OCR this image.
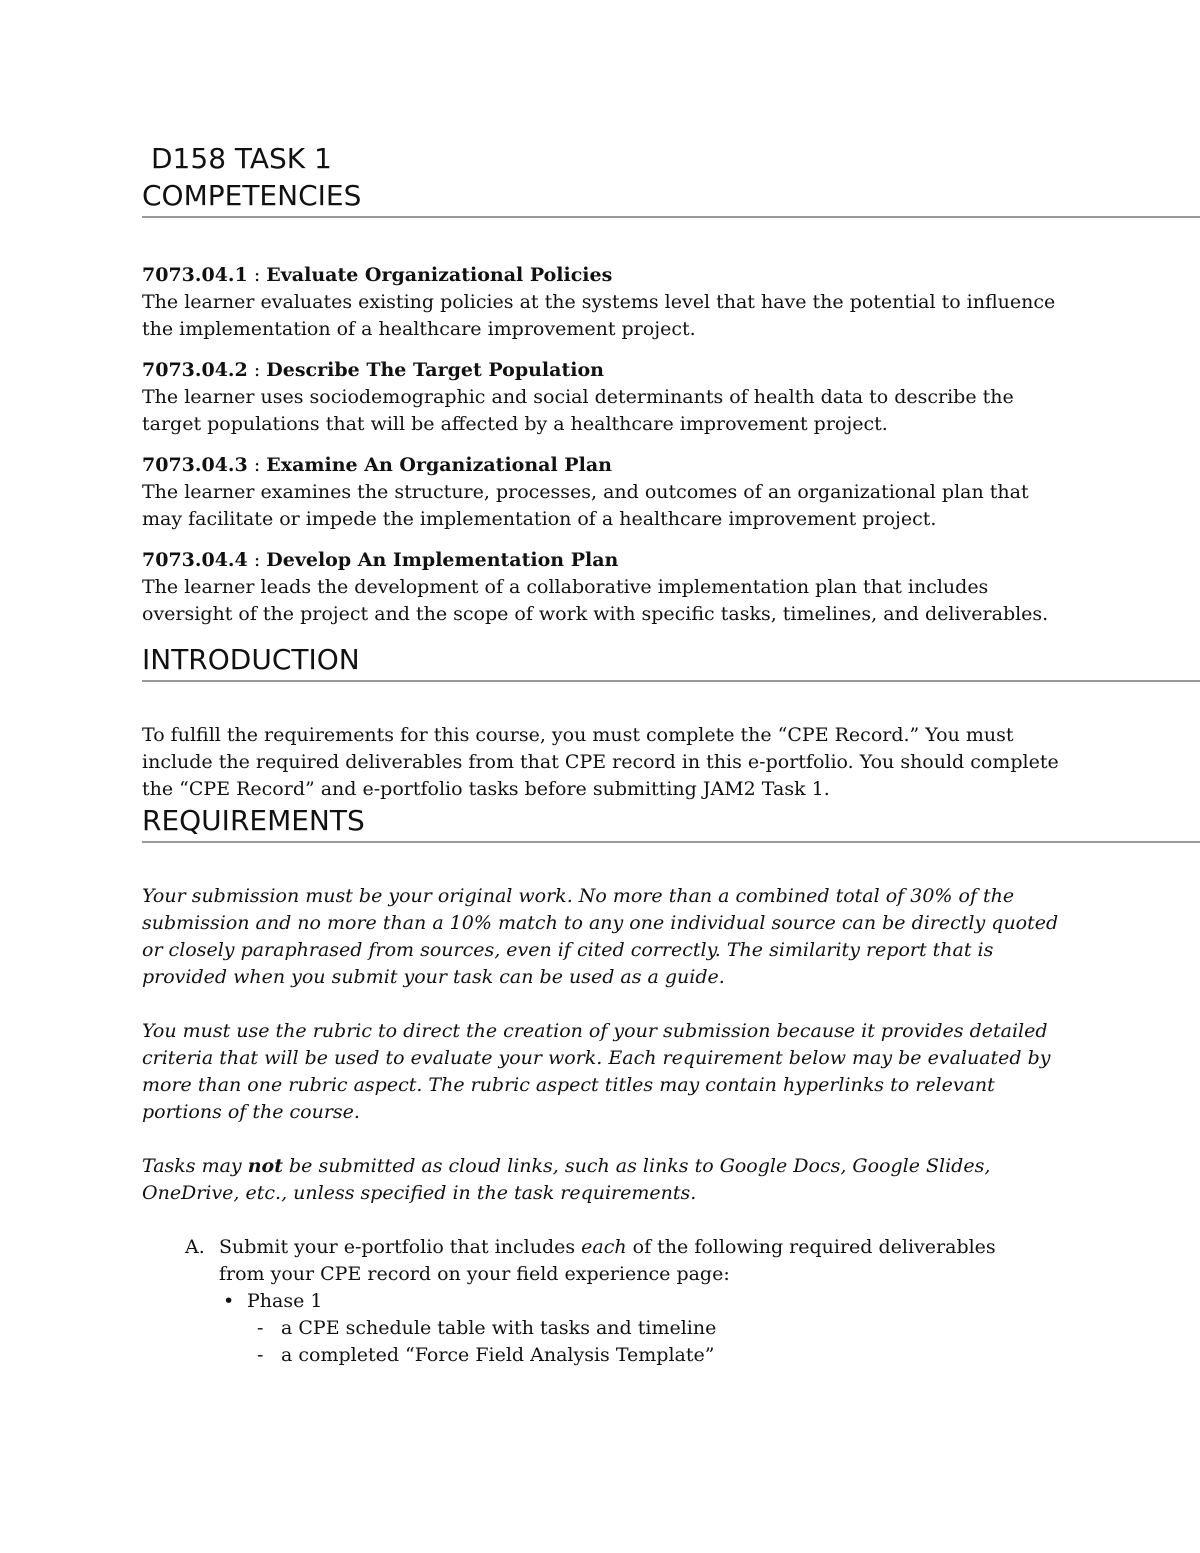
D158 TASK 1
COMPETENCIES
7073.04.1 : Evaluate Organizational Policies

The learner evaluates existing policies at the systems level that have the potential to influence the implementation of a healthcare improvement project.

7073.04.2 : Describe The Target Population

The learner uses sociodemographic and social determinants of health data to describe the target populations that will be affected by a healthcare improvement project.

7073.04.3 : Examine An Organizational Plan

The learner examines the structure, processes, and outcomes of an organizational plan that may facilitate or impede the implementation of a healthcare improvement project.

7073.04.4 : Develop An Implementation Plan

The learner leads the development of a collaborative implementation plan that includes oversight of the project and the scope of work with specific tasks, timelines, and deliverables.

INTRODUCTION

To fulfill the requirements for this course, you must complete the “CPE Record.” You must include the required deliverables from that CPE record in this e-portfolio. You should complete the “CPE Record” and e-portfolio tasks before submitting JAM2 Task 1.

REQUIREMENTS

Your submission must be your original work. No more than a combined total of 30% of the submission and no more than a 10% match to any one individual source can be directly quoted or closely paraphrased from sources, even if cited correctly. The similarity report that is provided when you submit your task can be used as a guide.

You must use the rubric to direct the creation of your submission because it provides detailed criteria that will be used to evaluate your work. Each requirement below may be evaluated by more than one rubric aspect. The rubric aspect titles may contain hyperlinks to relevant portions of the course.

Tasks may not be submitted as cloud links, such as links to Google Docs, Google Slides, OneDrive, etc., unless specified in the task requirements.

A. Submit your e-portfolio that includes each of the following required deliverables from your CPE record on your field experience page:
• Phase 1
- a CPE schedule table with tasks and timeline
- a completed “Force Field Analysis Template”
